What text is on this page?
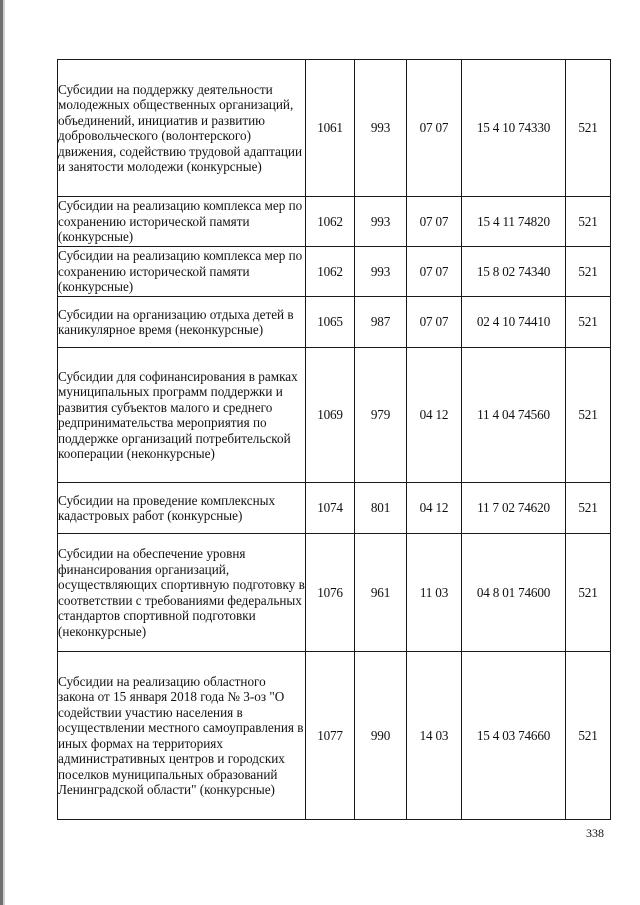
Субсидии на поддержку деятельности молодежных общественных организаций, объединений, инициатив и развитию добровольческого (волонтерского) движения, содействию трудовой адаптации и занятости молодежи (конкурсные)	1061	993	07 07	15 4 10 74330	521
Субсидии на реализацию комплекса мер по сохранению исторической памяти (конкурсные)	1062	993	07 07	15 4 11 74820	521
Субсидии на реализацию комплекса мер по сохранению исторической памяти (конкурсные)	1062	993	07 07	15 8 02 74340	521
Субсидии на организацию отдыха детей в каникулярное время (неконкурсные)	1065	987	07 07	02 4 10 74410	521
Субсидии для софинансирования в рамках муниципальных программ поддержки и развития субъектов малого и среднего редпринимательства мероприятия по поддержке организаций потребительской кооперации (неконкурсные)	1069	979	04 12	11 4 04 74560	521
Субсидии на проведение комплексных кадастровых работ (конкурсные)	1074	801	04 12	11 7 02 74620	521
Субсидии на обеспечение уровня финансирования организаций, осуществляющих спортивную подготовку в соответствии с требованиями федеральных стандартов спортивной подготовки (неконкурсные)	1076	961	11 03	04 8 01 74600	521
Субсидии на реализацию областного закона от 15 января 2018 года № 3-оз "О содействии участию населения в осуществлении местного самоуправления в иных формах на территориях административных центров и городских поселков муниципальных образований Ленинградской области" (конкурсные)	1077	990	14 03	15 4 03 74660	521
338
